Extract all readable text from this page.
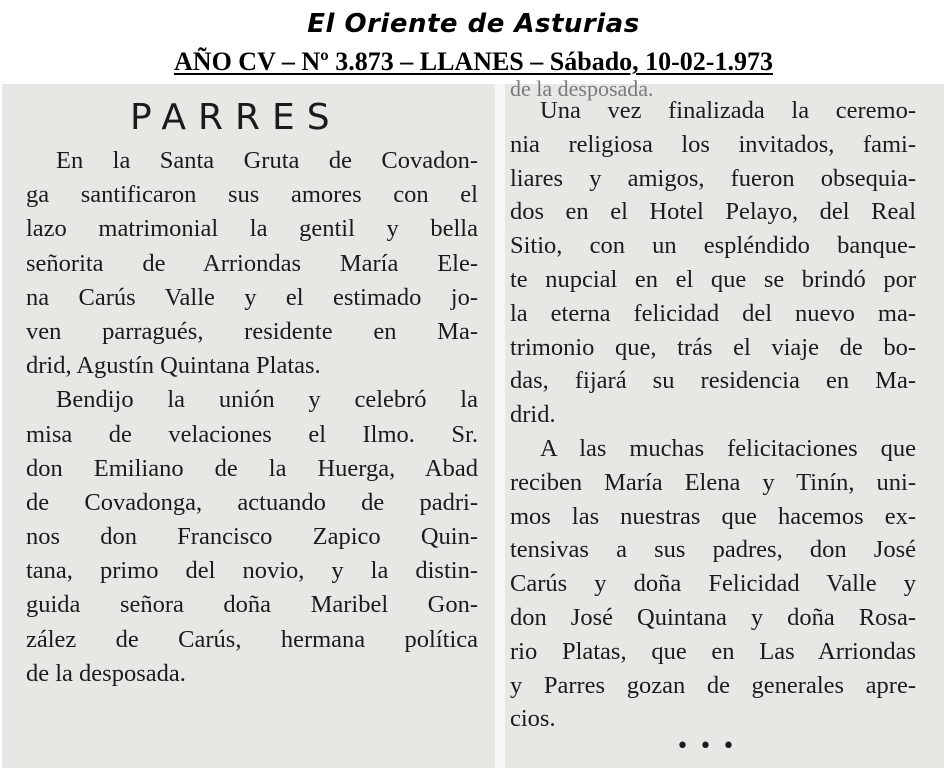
El Oriente de Asturias
AÑO CV – Nº 3.873 – LLANES – Sábado, 10-02-1.973
PARRES
En la Santa Gruta de Covadon-
ga santificaron sus amores con el
lazo matrimonial la gentil y bella
señorita de Arriondas María Ele-
na Carús Valle y el estimado jo-
ven parragués, residente en Ma-
drid, Agustín Quintana Platas.
Bendijo la unión y celebró la
misa de velaciones el Ilmo. Sr.
don Emiliano de la Huerga, Abad
de Covadonga, actuando de padri-
nos don Francisco Zapico Quin-
tana, primo del novio, y la distin-
guida señora doña Maribel Gon-
zález de Carús, hermana política
de la desposada.
de la desposada.
Una vez finalizada la ceremo-
nia religiosa los invitados, fami-
liares y amigos, fueron obsequia-
dos en el Hotel Pelayo, del Real
Sitio, con un espléndido banque-
te nupcial en el que se brindó por
la eterna felicidad del nuevo ma-
trimonio que, trás el viaje de bo-
das, fijará su residencia en Ma-
drid.
A las muchas felicitaciones que
reciben María Elena y Tinín, uni-
mos las nuestras que hacemos ex-
tensivas a sus padres, don José
Carús y doña Felicidad Valle y
don José Quintana y doña Rosa-
rio Platas, que en Las Arriondas
y Parres gozan de generales apre-
cios.
•••
